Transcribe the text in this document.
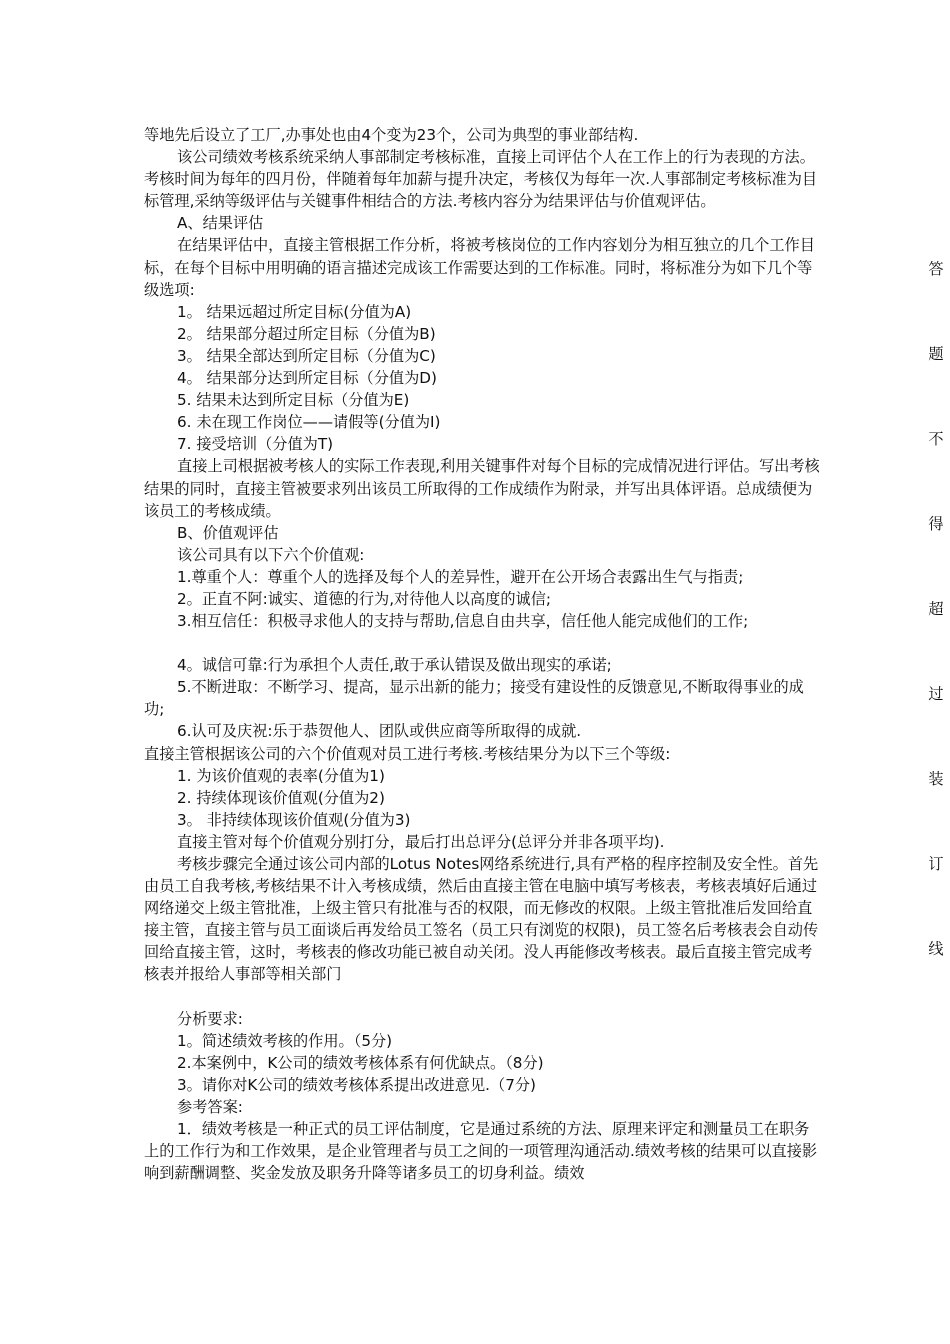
等地先后设立了工厂,办事处也由4个变为23个，公司为典型的事业部结构.
该公司绩效考核系统采纳人事部制定考核标准，直接上司评估个人在工作上的行为表现的方法。考核时间为每年的四月份，伴随着每年加薪与提升决定，考核仅为每年一次.人事部制定考核标准为目标管理,采纳等级评估与关键事件相结合的方法.考核内容分为结果评估与价值观评估。
A、结果评估
在结果评估中，直接主管根据工作分析，将被考核岗位的工作内容划分为相互独立的几个工作目标，在每个目标中用明确的语言描述完成该工作需要达到的工作标准。同时，将标准分为如下几个等级选项:
1。 结果远超过所定目标(分值为A)
2。 结果部分超过所定目标（分值为B)
3。 结果全部达到所定目标（分值为C)
4。 结果部分达到所定目标（分值为D)
5. 结果未达到所定目标（分值为E)
6. 未在现工作岗位——请假等(分值为I)
7. 接受培训（分值为T)
直接上司根据被考核人的实际工作表现,利用关键事件对每个目标的完成情况进行评估。写出考核结果的同时，直接主管被要求列出该员工所取得的工作成绩作为附录，并写出具体评语。总成绩便为该员工的考核成绩。
B、价值观评估
该公司具有以下六个价值观:
1.尊重个人：尊重个人的选择及每个人的差异性，避开在公开场合表露出生气与指责;
2。正直不阿:诚实、道德的行为,对待他人以高度的诚信;
3.相互信任：积极寻求他人的支持与帮助,信息自由共享，信任他人能完成他们的工作;
4。诚信可靠:行为承担个人责任,敢于承认错误及做出现实的承诺;
5.不断进取：不断学习、提高，显示出新的能力；接受有建设性的反馈意见,不断取得事业的成功;
6.认可及庆祝:乐于恭贺他人、团队或供应商等所取得的成就.
直接主管根据该公司的六个价值观对员工进行考核.考核结果分为以下三个等级:
1. 为该价值观的表率(分值为1)
2. 持续体现该价值观(分值为2)
3。 非持续体现该价值观(分值为3)
直接主管对每个价值观分别打分，最后打出总评分(总评分并非各项平均).
考核步骤完全通过该公司内部的Lotus Notes网络系统进行,具有严格的程序控制及安全性。首先由员工自我考核,考核结果不计入考核成绩，然后由直接主管在电脑中填写考核表，考核表填好后通过网络递交上级主管批准，上级主管只有批准与否的权限，而无修改的权限。上级主管批准后发回给直接主管，直接主管与员工面谈后再发给员工签名（员工只有浏览的权限)，员工签名后考核表会自动传回给直接主管，这时，考核表的修改功能已被自动关闭。没人再能修改考核表。最后直接主管完成考核表并报给人事部等相关部门
分析要求:
1。简述绩效考核的作用。（5分)
2.本案例中，K公司的绩效考核体系有何优缺点。（8分)
3。请你对K公司的绩效考核体系提出改进意见.（7分)
参考答案:
1．绩效考核是一种正式的员工评估制度，它是通过系统的方法、原理来评定和测量员工在职务上的工作行为和工作效果，是企业管理者与员工之间的一项管理沟通活动.绩效考核的结果可以直接影响到薪酬调整、奖金发放及职务升降等诸多员工的切身利益。绩效
答
题
不
得
超
过
装
订
线
